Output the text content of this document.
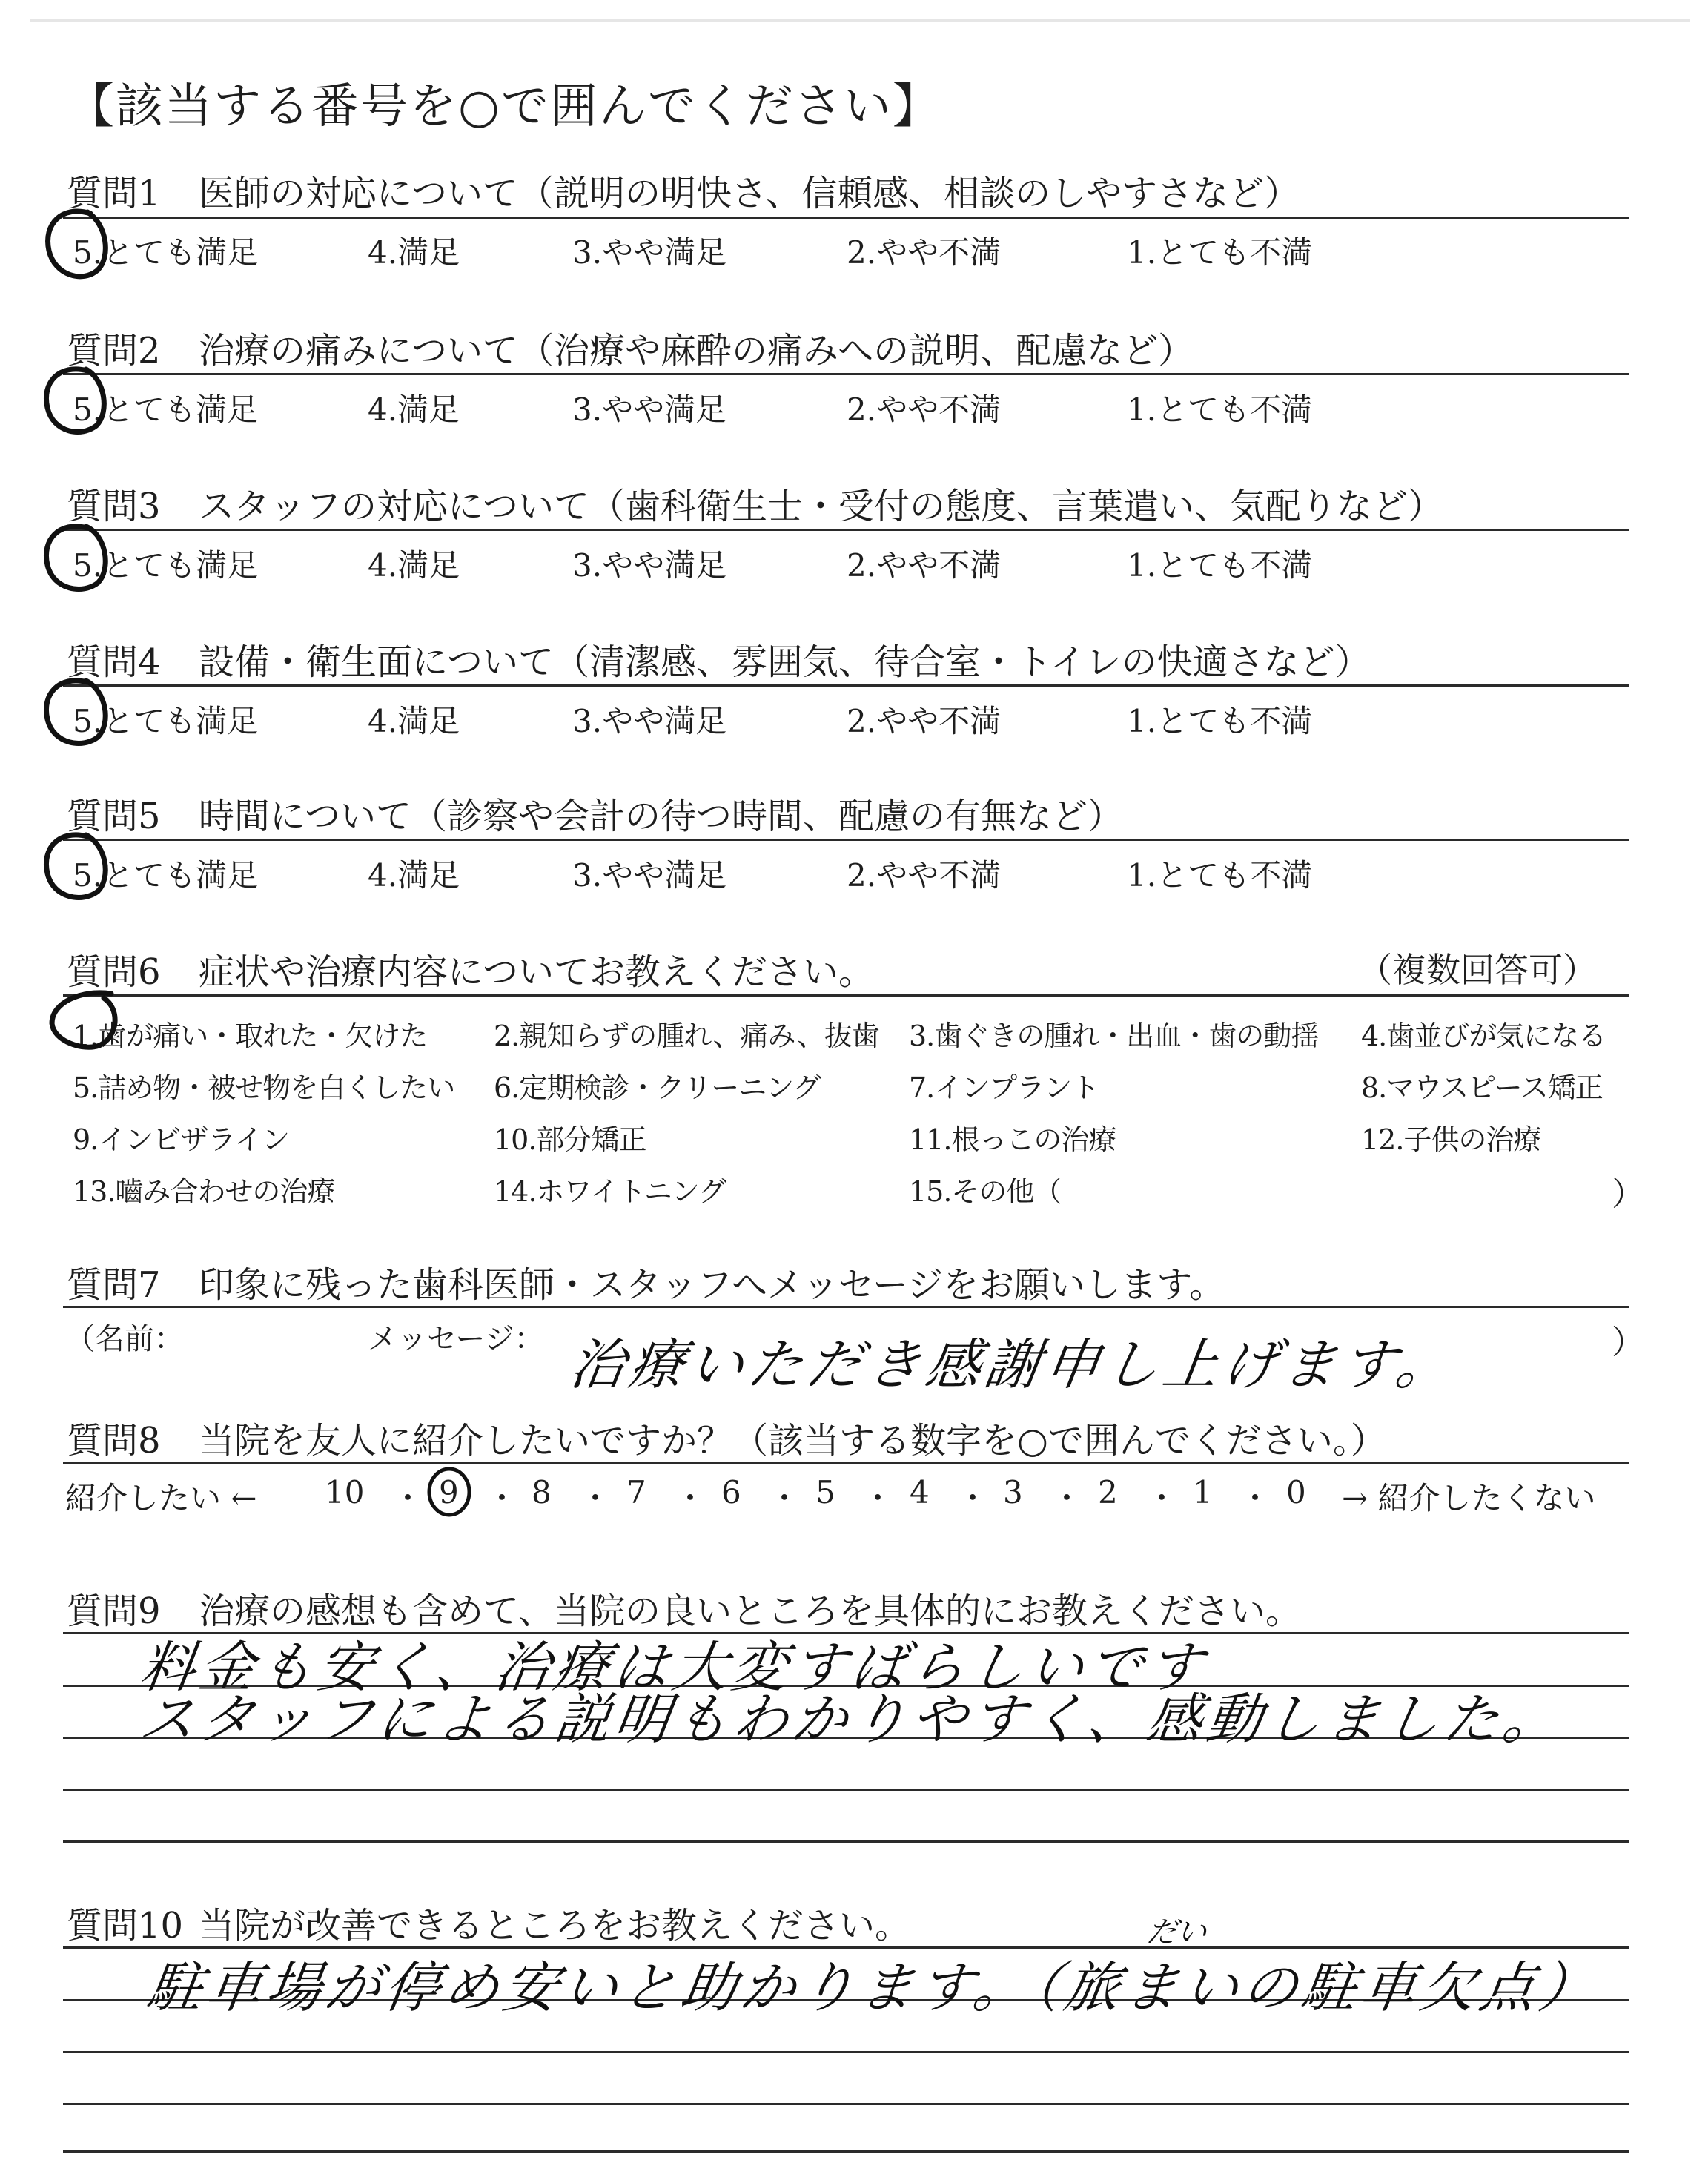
【該当する番号を○で囲んでください】
質問1 医師の対応について（説明の明快さ、信頼感、相談のしやすさなど）
5.とても満足	4.満足	3.やや満足	2.やや不満	1.とても不満
質問2 治療の痛みについて（治療や麻酔の痛みへの説明、配慮など）
5.とても満足	4.満足	3.やや満足	2.やや不満	1.とても不満
質問3 スタッフの対応について（歯科衛生士・受付の態度、言葉遣い、気配りなど）
5.とても満足	4.満足	3.やや満足	2.やや不満	1.とても不満
質問4 設備・衛生面について（清潔感、雰囲気、待合室・トイレの快適さなど）
5.とても満足	4.満足	3.やや満足	2.やや不満	1.とても不満
質問5 時間について（診察や会計の待つ時間、配慮の有無など）
5.とても満足	4.満足	3.やや満足	2.やや不満	1.とても不満
質問6 症状や治療内容についてお教えください。	（複数回答可）
1.歯が痛い・取れた・欠けた 2.親知らずの腫れ、痛み、抜歯 3.歯ぐきの腫れ・出血・歯の動揺 4.歯並びが気になる
5.詰め物・被せ物を白くしたい 6.定期検診・クリーニング	7.インプラント	8.マウスピース矯正
9.インビザライン	10.部分矯正	11.根っこの治療	12.子供の治療
13.嚙み合わせの治療	14.ホワイトニング	15.その他（	）
質問7 印象に残った歯科医師・スタッフへメッセージをお願いします。
（名前：	メッセージ：	）
治療いただき感謝申し上げます。
質問8 当院を友人に紹介したいですか？（該当する数字を○で囲んでください。）
紹介したい ← 10 ・ 9 ・ 8 ・ 7 ・ 6 ・ 5 ・ 4 ・ 3 ・ 2 ・ 1 ・ 0 → 紹介したくない
質問9 治療の感想も含めて、当院の良いところを具体的にお教えください。
料金も安く、治療は大変すばらしいです
スタッフによる説明もわかりやすく、感動しました。
質問10 当院が改善できるところをお教えください。	だい
駐車場が停め安いと助かります。（旅まいの駐車欠点）
